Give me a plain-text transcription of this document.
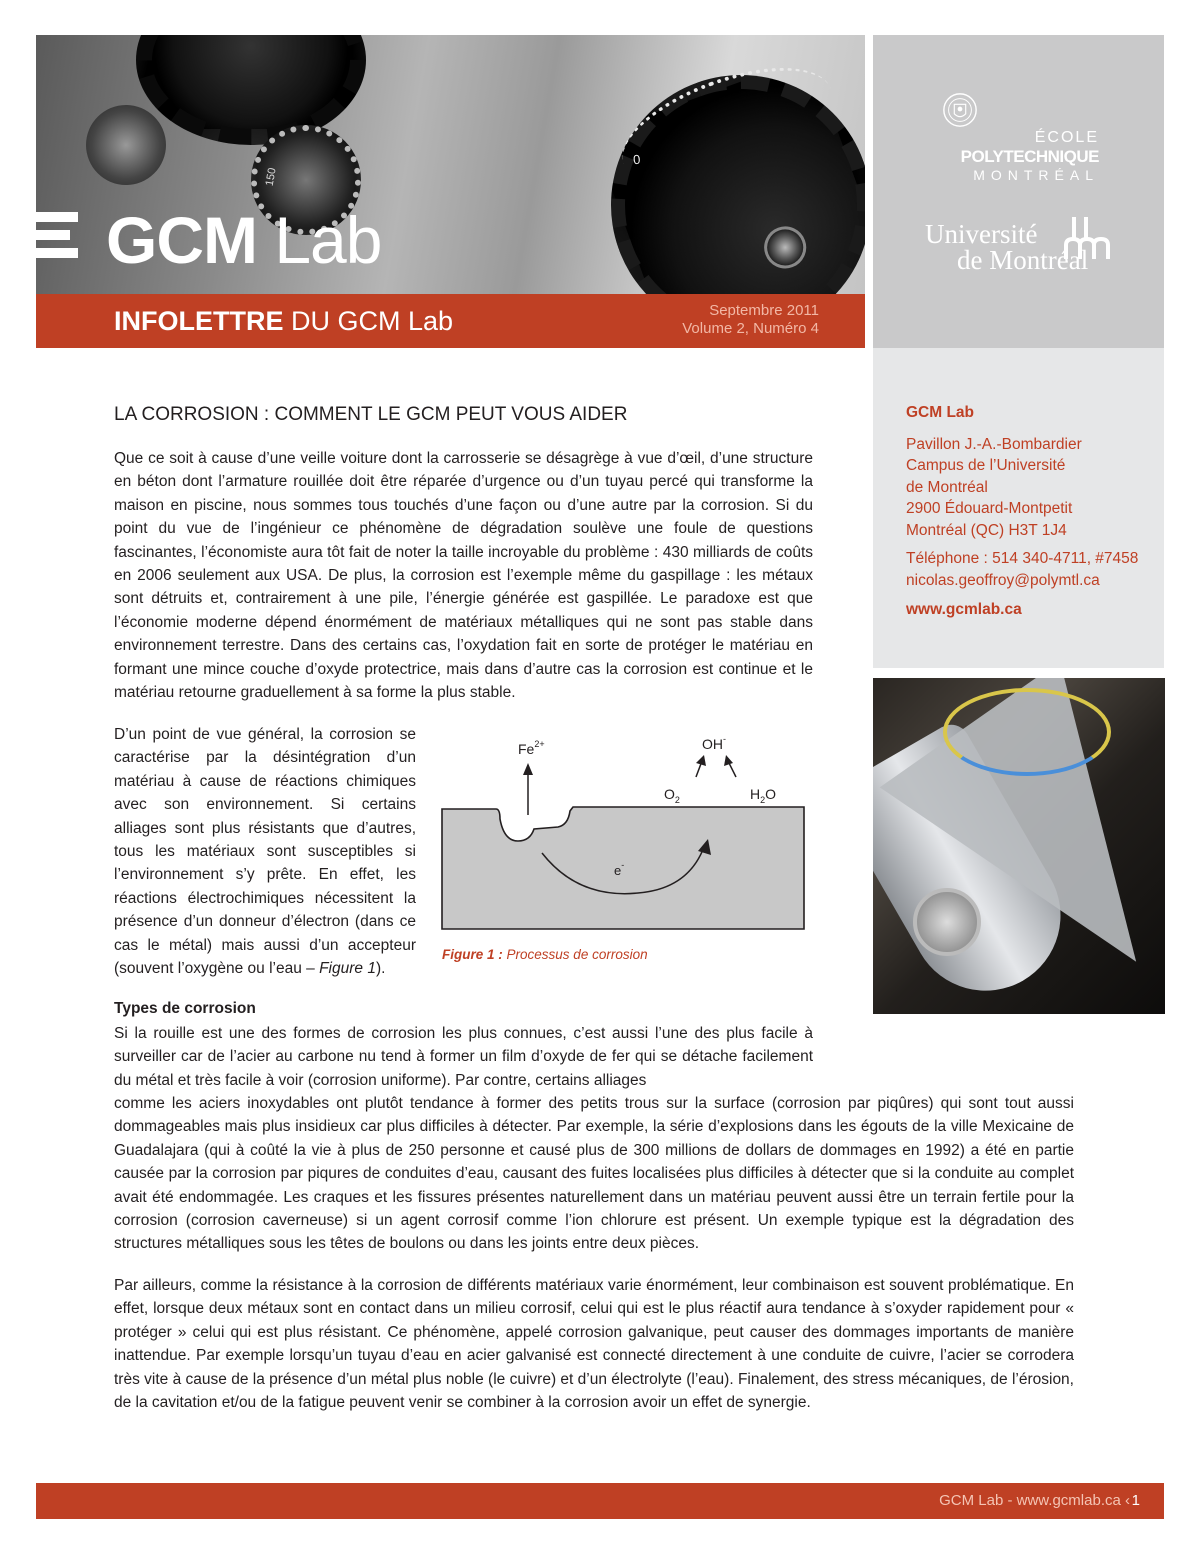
150
0
GCM Lab
INFOLETTRE DU GCM Lab	Septembre 2011
Volume 2, Numéro 4
ÉCOLE
POLYTECHNIQUE
MONTRÉAL
Université
de Montréal
GCM Lab
Pavillon J.-A.-Bombardier
Campus de l’Université
de Montréal
2900 Édouard-Montpetit
Montréal (QC) H3T 1J4
Téléphone : 514 340-4711, #7458
nicolas.geoffroy@polymtl.ca
www.gcmlab.ca
LA CORROSION : COMMENT LE GCM PEUT VOUS AIDER

Que ce soit à cause d’une veille voiture dont la carrosserie se désagrège à vue d’œil, d’une structure en béton dont l’armature rouillée doit être réparée d’urgence ou d’un tuyau percé qui transforme la maison en piscine, nous sommes tous touchés d’une façon ou d’une autre par la corrosion. Si du point du vue de l’ingénieur ce phénomène de dégradation soulève une foule de questions fascinantes, l’économiste aura tôt fait de noter la taille incroyable du problème : 430 milliards de coûts en 2006 seulement aux USA. De plus, la corrosion est l’exemple même du gaspillage : les métaux sont détruits et, contrairement à une pile, l’énergie générée est gaspillée. Le paradoxe est que l’économie moderne dépend énormément de matériaux métalliques qui ne sont pas stable dans environnement terrestre. Dans des certains cas, l’oxydation fait en sorte de protéger le matériau en formant une mince couche d’oxyde protectrice, mais dans d’autre cas la corrosion est continue et le matériau retourne graduellement à sa forme la plus stable.

D’un point de vue général, la corrosion se caractérise par la désintégration d’un matériau à cause de réactions chimiques avec son environnement. Si certains alliages sont plus résistants que d’autres, tous les matériaux sont susceptibles si l’environnement s’y prête. En effet, les réactions électrochimiques nécessitent la présence d’un donneur d’électron (dans ce cas le métal) mais aussi d’un accepteur (souvent l’oxygène ou l’eau – Figure 1).

$Fe^{2+}$	OH-
$O_2$	$H_2O$
e-
Figure 1 : Processus de corrosion
Types de corrosion

Si la rouille est une des formes de corrosion les plus connues, c’est aussi l’une des plus facile à surveiller car de l’acier au carbone nu tend à former un film d’oxyde de fer qui se détache facilement du métal et très facile à voir (corrosion uniforme). Par contre, certains alliages

comme les aciers inoxydables ont plutôt tendance à former des petits trous sur la surface (corrosion par piqûres) qui sont tout aussi dommageables mais plus insidieux car plus difficiles à détecter. Par exemple, la série d’explosions dans les égouts de la ville Mexicaine de Guadalajara (qui à coûté la vie à plus de 250 personne et causé plus de 300 millions de dollars de dommages en 1992) a été en partie causée par la corrosion par piqures de conduites d’eau, causant des fuites localisées plus difficiles à détecter que si la conduite au complet avait été endommagée. Les craques et les fissures présentes naturellement dans un matériau peuvent aussi être un terrain fertile pour la corrosion (corrosion caverneuse) si un agent corrosif comme l’ion chlorure est présent. Un exemple typique est la dégradation des structures métalliques sous les têtes de boulons ou dans les joints entre deux pièces.

Par ailleurs, comme la résistance à la corrosion de différents matériaux varie énormément, leur combinaison est souvent problématique. En effet, lorsque deux métaux sont en contact dans un milieu corrosif, celui qui est le plus réactif aura tendance à s’oxyder rapidement pour « protéger » celui qui est plus résistant. Ce phénomène, appelé corrosion galvanique, peut causer des dommages importants de manière inattendue. Par exemple lorsqu’un tuyau d’eau en acier galvanisé est connecté directement à une conduite de cuivre, l’acier se corrodera très vite à cause de la présence d’un métal plus noble (le cuivre) et d’un électrolyte (l’eau). Finalement, des stress mécaniques, de l’érosion, de la cavitation et/ou de la fatigue peuvent venir se combiner à la corrosion avoir un effet de synergie.

GCM Lab - www.gcmlab.ca ‹ 1
